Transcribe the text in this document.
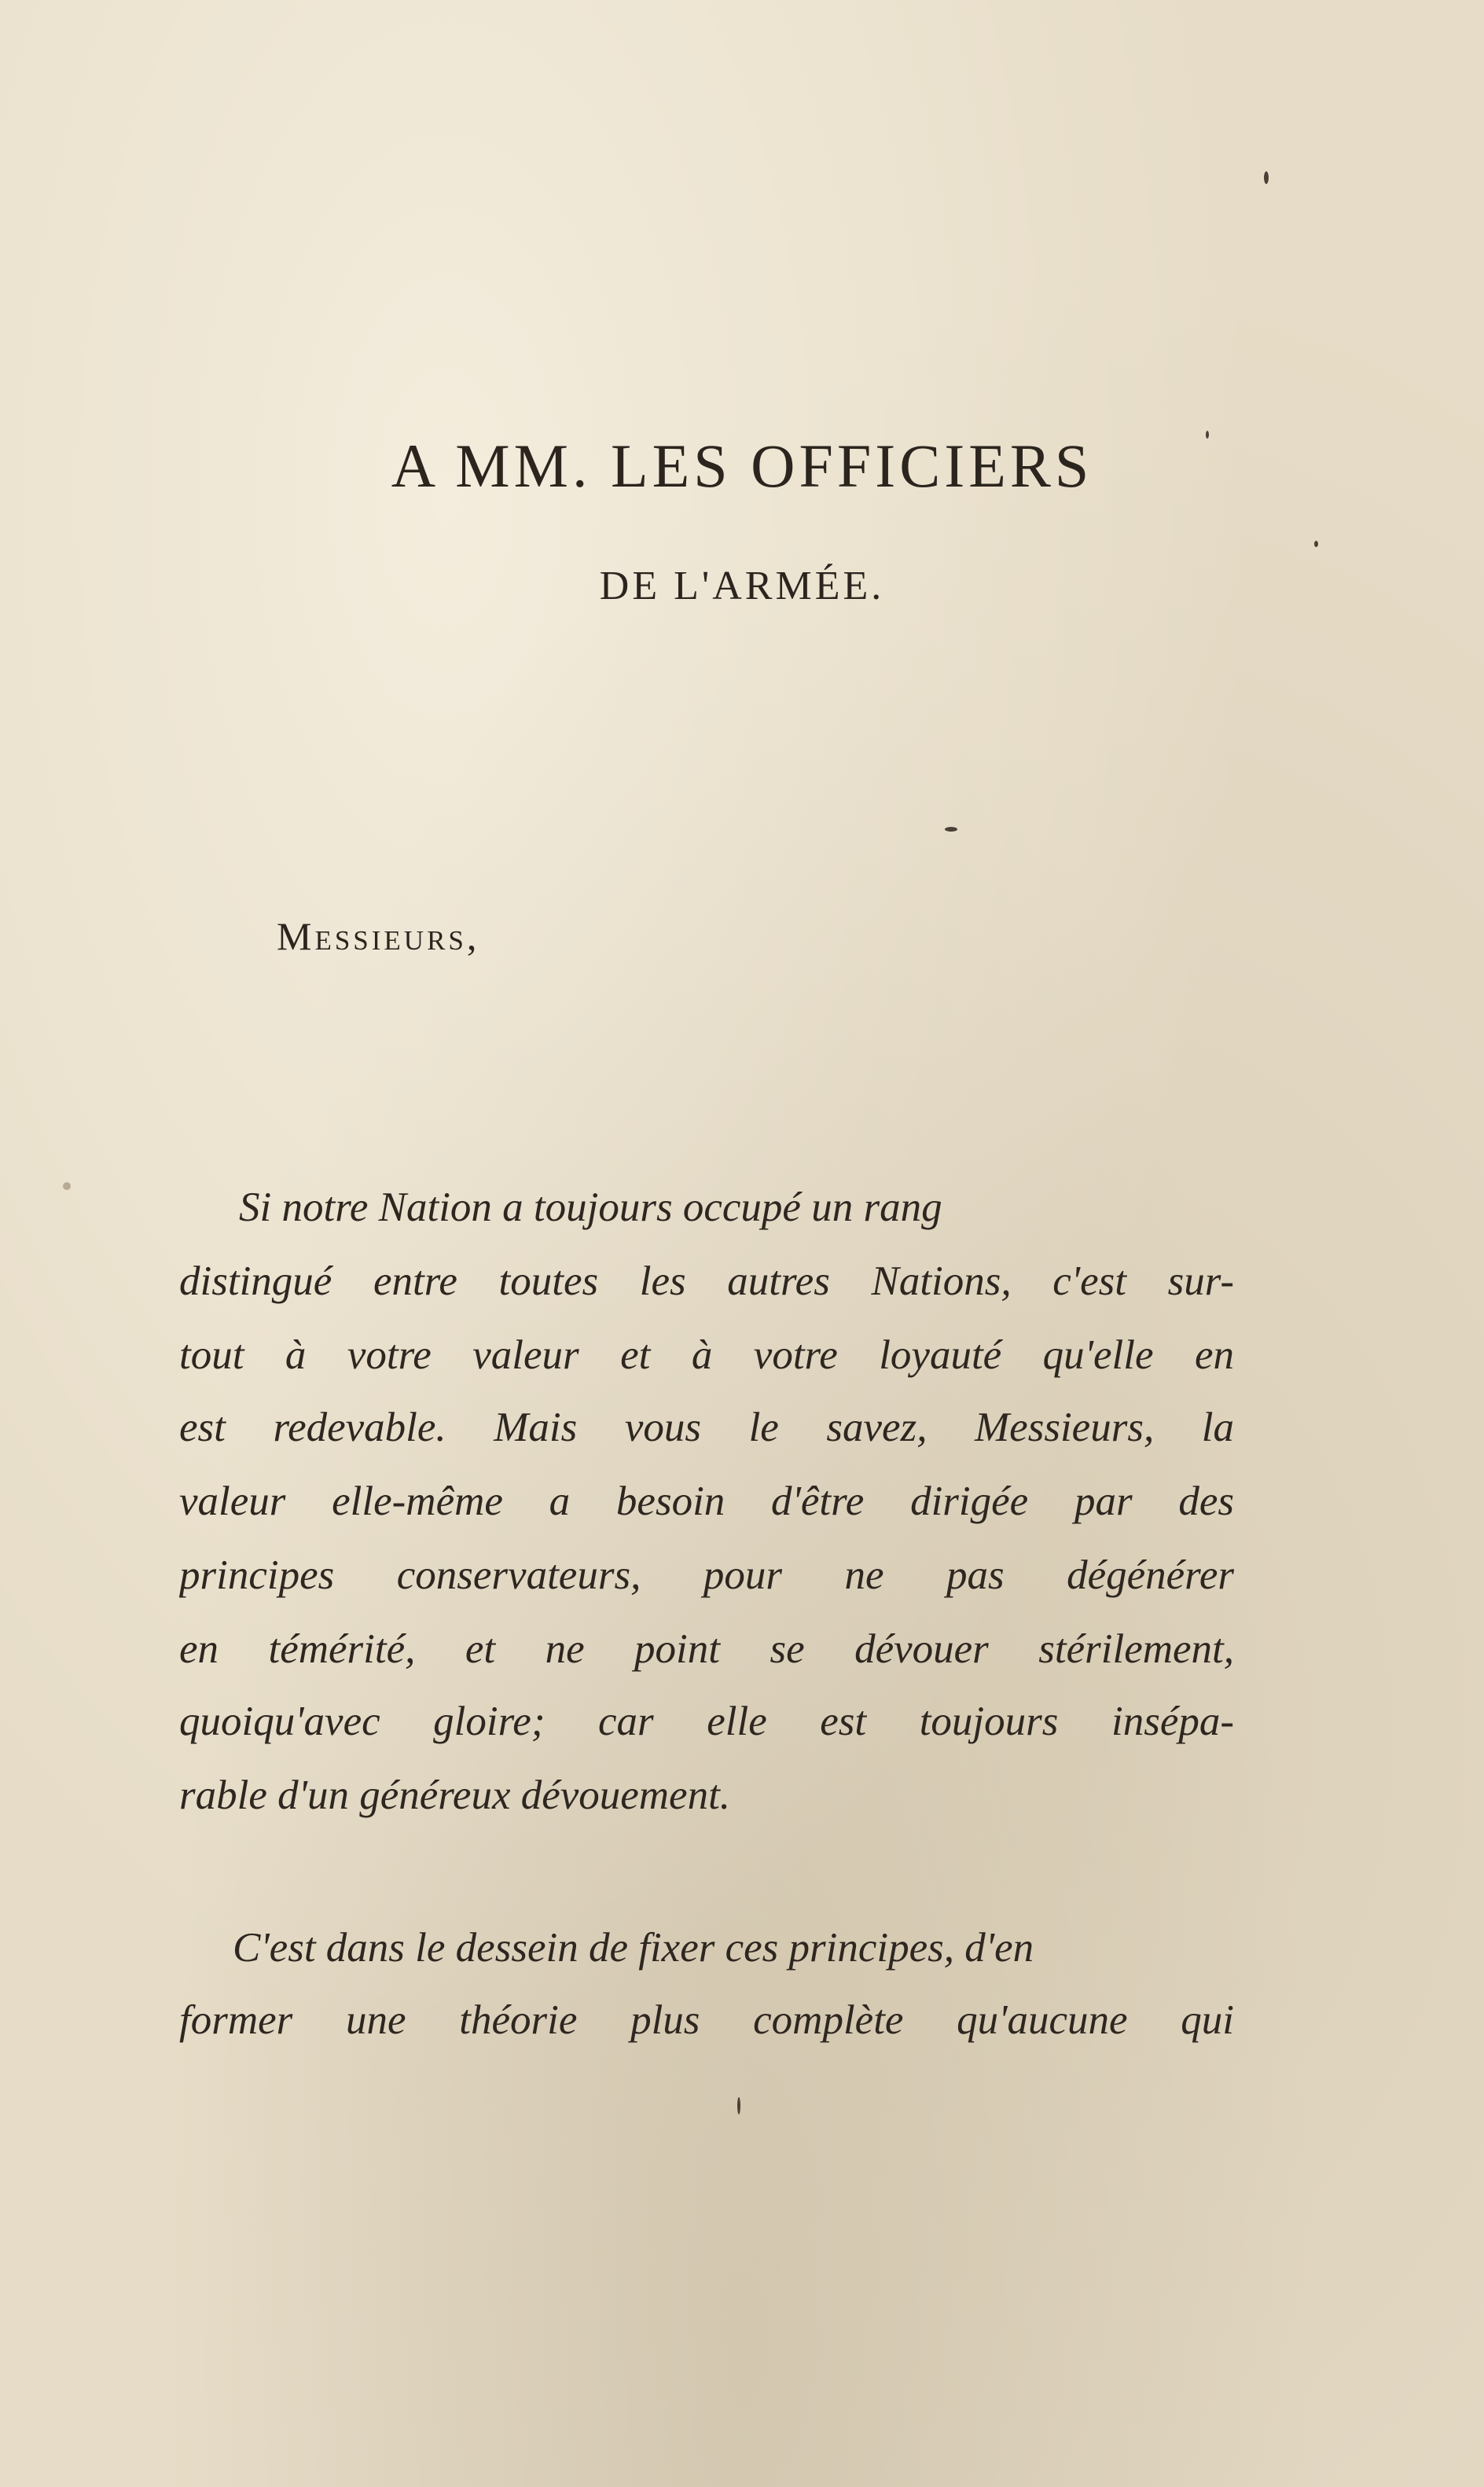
A MM. LES OFFICIERS
DE L'ARMÉE.

Messieurs,

Si notre Nation a toujours occupé un rang

distingué entre toutes les autres Nations, c'est sur-

tout à votre valeur et à votre loyauté qu'elle en

est redevable. Mais vous le savez, Messieurs, la

valeur elle-même a besoin d'être dirigée par des

principes conservateurs, pour ne pas dégénérer

en témérité, et ne point se dévouer stérilement,

quoiqu'avec gloire; car elle est toujours insépa-

rable d'un généreux dévouement.

C'est dans le dessein de fixer ces principes, d'en

former une théorie plus complète qu'aucune qui
